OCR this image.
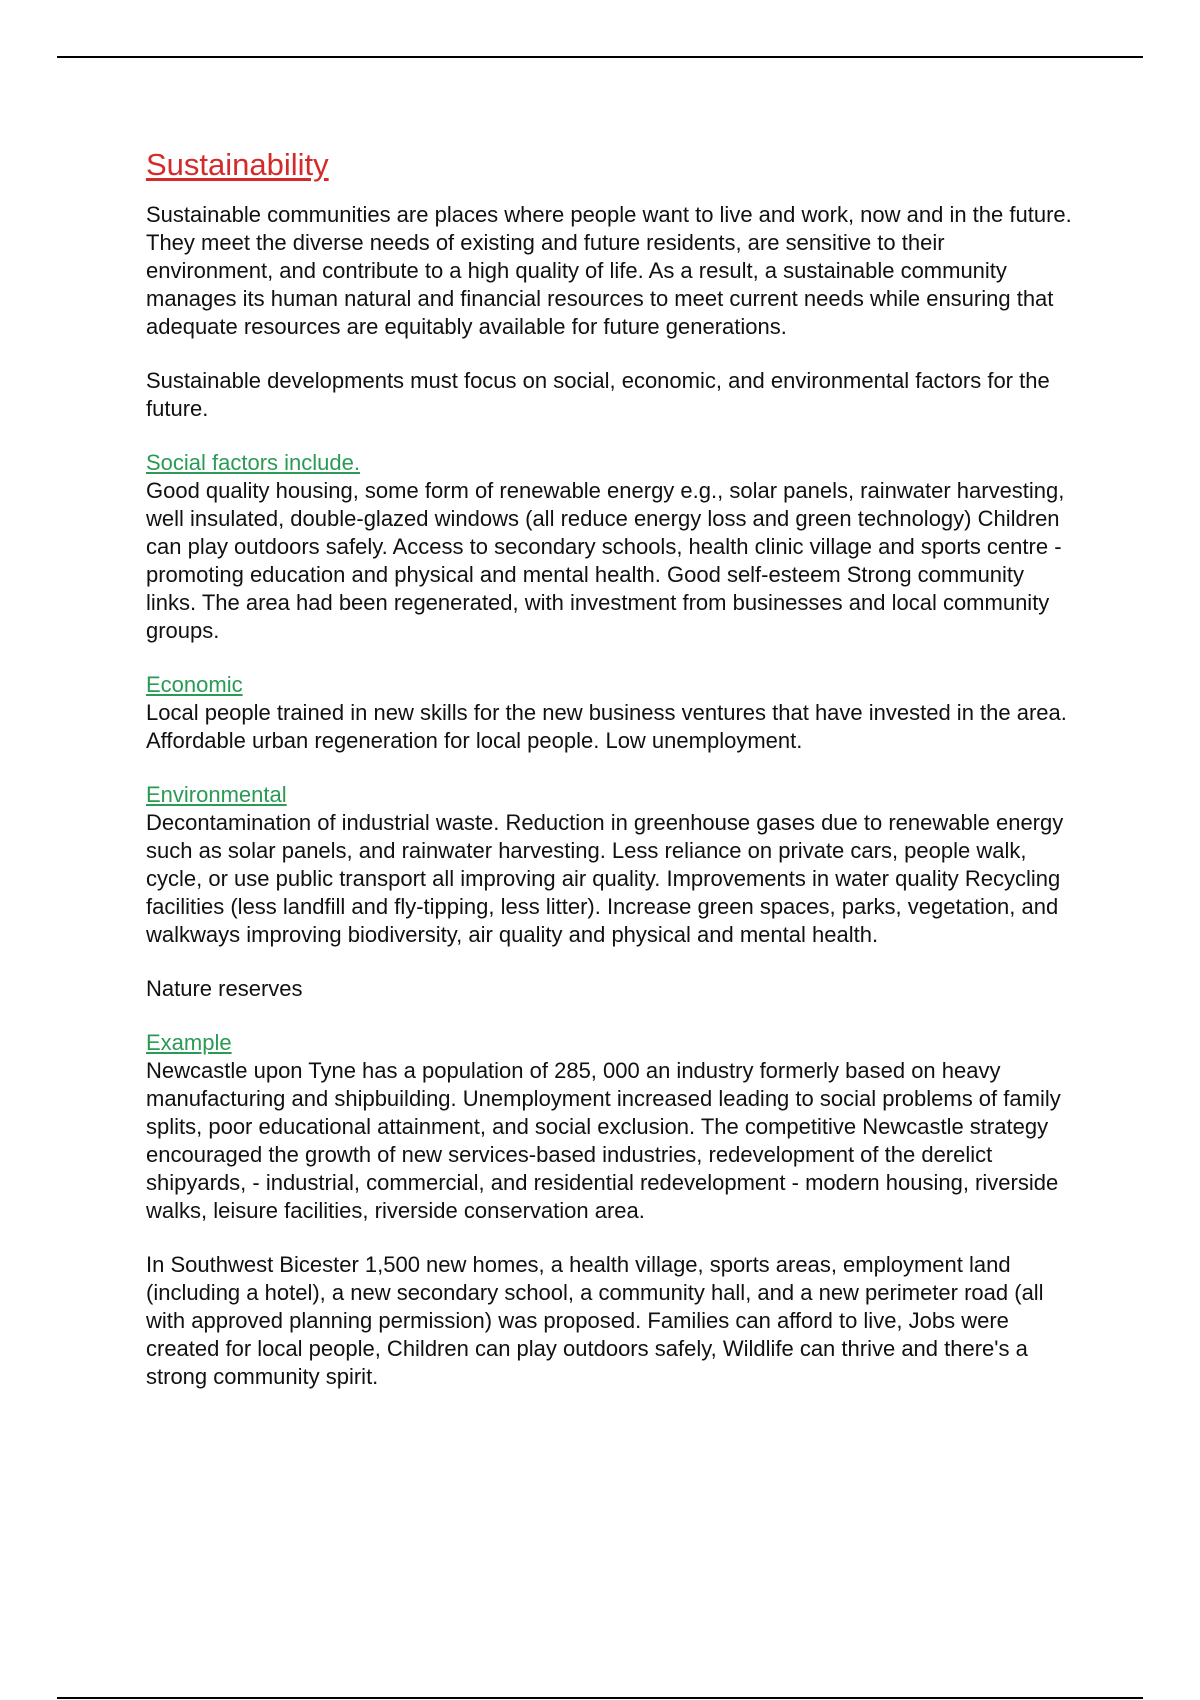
Sustainability

Sustainable communities are places where people want to live and work, now and in the future. They meet the diverse needs of existing and future residents, are sensitive to their environment, and contribute to a high quality of life. As a result, a sustainable community manages its human natural and financial resources to meet current needs while ensuring that adequate resources are equitably available for future generations.

Sustainable developments must focus on social, economic, and environmental factors for the future.

Social factors include.

Good quality housing, some form of renewable energy e.g., solar panels, rainwater harvesting, well insulated, double-glazed windows (all reduce energy loss and green technology) Children can play outdoors safely. Access to secondary schools, health clinic village and sports centre - promoting education and physical and mental health. Good self-esteem Strong community links. The area had been regenerated, with investment from businesses and local community groups.

Economic

Local people trained in new skills for the new business ventures that have invested in the area. Affordable urban regeneration for local people. Low unemployment.

Environmental

Decontamination of industrial waste. Reduction in greenhouse gases due to renewable energy such as solar panels, and rainwater harvesting. Less reliance on private cars, people walk, cycle, or use public transport all improving air quality. Improvements in water quality Recycling facilities (less landfill and fly-tipping, less litter). Increase green spaces, parks, vegetation, and walkways improving biodiversity, air quality and physical and mental health.

Nature reserves

Example

Newcastle upon Tyne has a population of 285, 000 an industry formerly based on heavy manufacturing and shipbuilding. Unemployment increased leading to social problems of family splits, poor educational attainment, and social exclusion. The competitive Newcastle strategy encouraged the growth of new services-based industries, redevelopment of the derelict shipyards, - industrial, commercial, and residential redevelopment - modern housing, riverside walks, leisure facilities, riverside conservation area.

In Southwest Bicester 1,500 new homes, a health village, sports areas, employment land (including a hotel), a new secondary school, a community hall, and a new perimeter road (all with approved planning permission) was proposed. Families can afford to live, Jobs were created for local people, Children can play outdoors safely, Wildlife can thrive and there's a strong community spirit.
